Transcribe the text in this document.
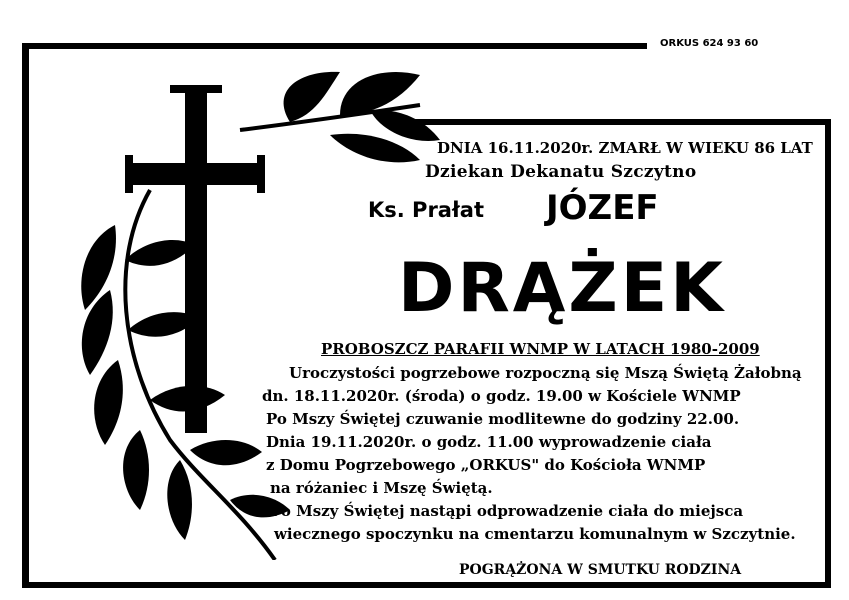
ORKUS 624 93 60
DNIA 16.11.2020r. ZMARŁ W WIEKU 86 LAT
Dziekan Dekanatu Szczytno
Ks. Prałat JÓZEF
DRĄŻEK
PROBOSZCZ PARAFII WNMP W LATACH 1980-2009
Uroczystości pogrzebowe rozpoczną się Mszą Świętą Żałobną
dn. 18.11.2020r. (środa) o godz. 19.00 w Kościele WNMP
Po Mszy Świętej czuwanie modlitewne do godziny 22.00.
Dnia 19.11.2020r. o godz. 11.00 wyprowadzenie ciała
z Domu Pogrzebowego „ORKUS" do Kościoła WNMP
na różaniec i Mszę Świętą.
Po Mszy Świętej nastąpi odprowadzenie ciała do miejsca
wiecznego spoczynku na cmentarzu komunalnym w Szczytnie.
POGRĄŻONA W SMUTKU RODZINA
